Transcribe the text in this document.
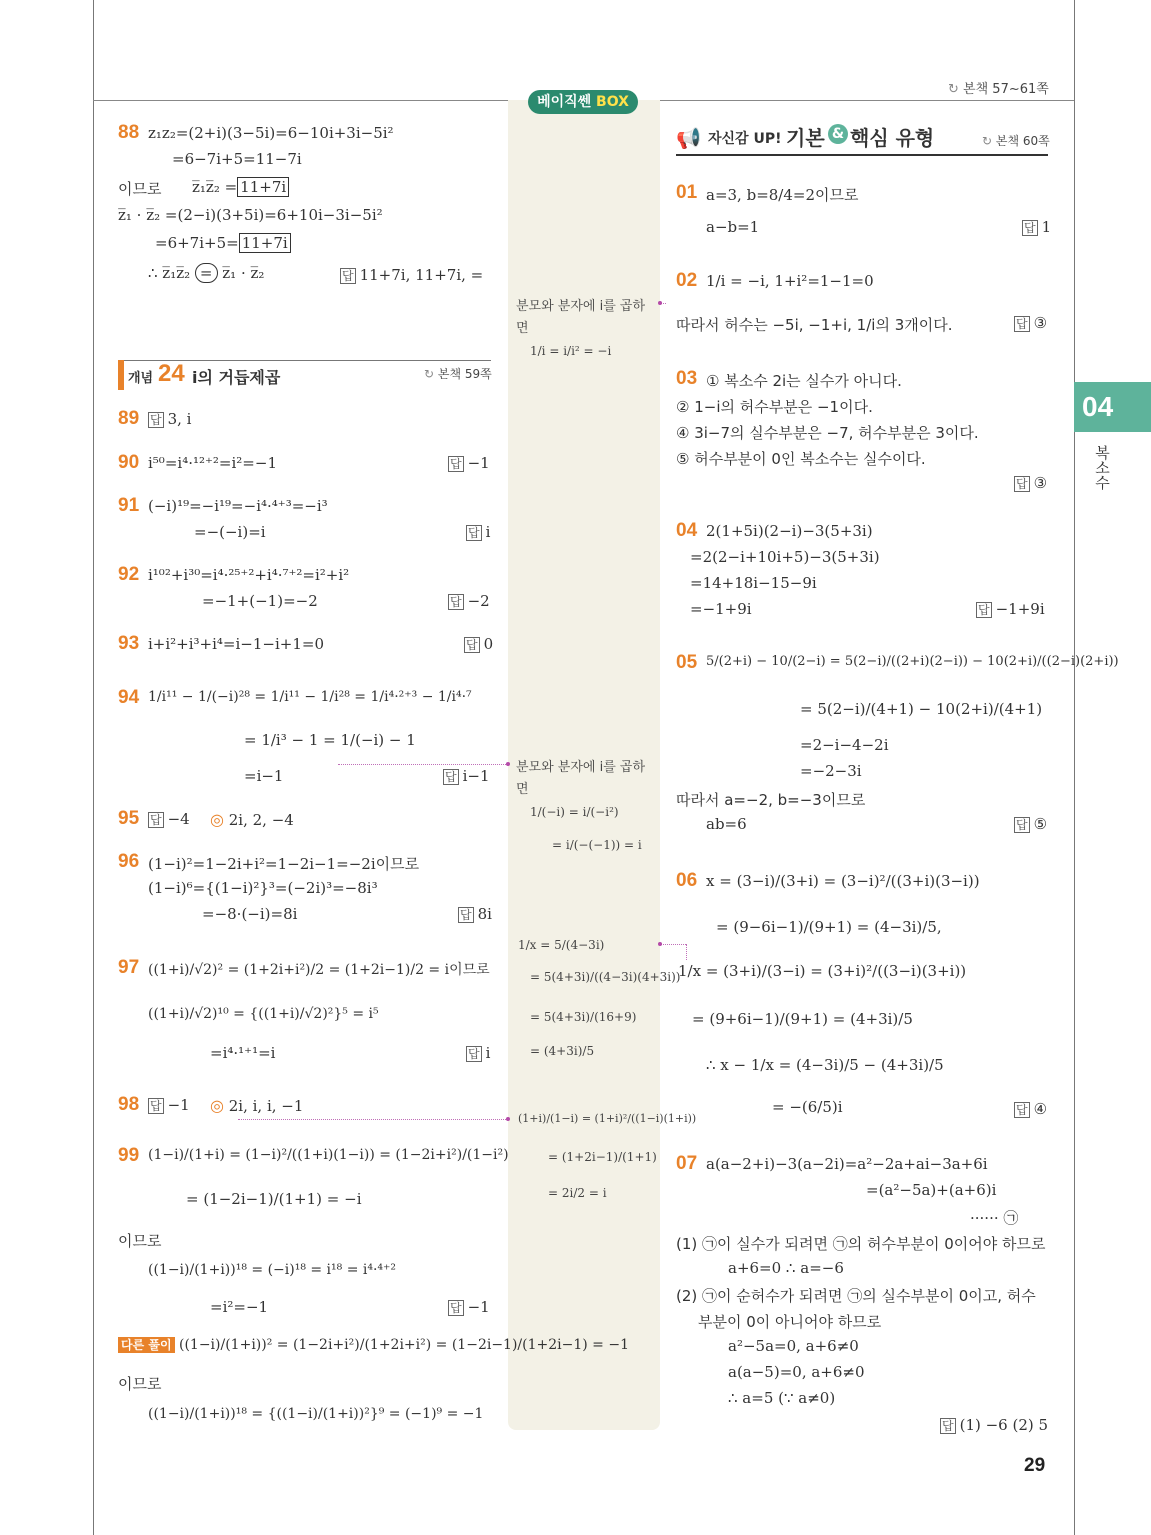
↻ 본책 57~61쪽
베이직쎈 BOX
88 z₁z₂=(2+i)(3−5i)=6−10i+3i−5i²
=6−7i+5=11−7i
이므로 z̅₁z̅₂ = 11+7i
z̅₁ · z̅₂ =(2−i)(3+5i)=6+10i−3i−5i²
=6+7i+5= 11+7i
∴ z̅₁z̅₂ = z̅₁ · z̅₂	답 11+7i, 11+7i, =
개념 24 i의 거듭제곱	↻ 본책 59쪽
89 답 3, i
90 i⁵⁰=i⁴·¹²⁺²=i²=−1	답 −1
91 (−i)¹⁹=−i¹⁹=−i⁴·⁴⁺³=−i³
=−(−i)=i	답 i
92 i¹⁰²+i³⁰=i⁴·²⁵⁺²+i⁴·⁷⁺²=i²+i²
=−1+(−1)=−2	답 −2
93 i+i²+i³+i⁴=i−1−i+1=0	답 0
94 1/i¹¹ − 1/(−i)²⁸ = 1/i¹¹ − 1/i²⁸ = 1/i⁴·²⁺³ − 1/i⁴·⁷
= 1/i³ − 1 = 1/(−i) − 1
=i−1	답 i−1
95 답 −4 ◎ 2i, 2, −4
96 (1−i)²=1−2i+i²=1−2i−1=−2i이므로
(1−i)⁶={(1−i)²}³=(−2i)³=−8i³
=−8·(−i)=8i	답 8i
97 ((1+i)/√2)² = (1+2i+i²)/2 = (1+2i−1)/2 = i이므로
((1+i)/√2)¹⁰ = {((1+i)/√2)²}⁵ = i⁵
=i⁴·¹⁺¹=i	답 i
98 답 −1 ◎ 2i, i, i, −1
99 (1−i)/(1+i) = (1−i)²/((1+i)(1−i)) = (1−2i+i²)/(1−i²)
= (1−2i−1)/(1+1) = −i
이므로
((1−i)/(1+i))¹⁸ = (−i)¹⁸ = i¹⁸ = i⁴·⁴⁺²
=i²=−1	답 −1
다른 풀이 ((1−i)/(1+i))² = (1−2i+i²)/(1+2i+i²) = (1−2i−1)/(1+2i−1) = −1
이므로
((1−i)/(1+i))¹⁸ = {((1−i)/(1+i))²}⁹ = (−1)⁹ = −1
분모와 분자에 i를 곱하
면
1/i = i/i² = −i
분모와 분자에 i를 곱하
면
1/(−i) = i/(−i²)
= i/(−(−1)) = i
1/x = 5/(4−3i)
= 5(4+3i)/((4−3i)(4+3i))
= 5(4+3i)/(16+9)
= (4+3i)/5
(1+i)/(1−i) = (1+i)²/((1−i)(1+i))
= (1+2i−1)/(1+1)
= 2i/2 = i
📢 자신감 UP! 기본 & 핵심 유형	↻ 본책 60쪽
01 a=3, b=8/4=2이므로
a−b=1	답 1
02 1/i = −i, 1+i²=1−1=0
따라서 허수는 −5i, −1+i, 1/i의 3개이다.	답 ③
03 ① 복소수 2i는 실수가 아니다.
② 1−i의 허수부분은 −1이다.
④ 3i−7의 실수부분은 −7, 허수부분은 3이다.
⑤ 허수부분이 0인 복소수는 실수이다.
답 ③
04 2(1+5i)(2−i)−3(5+3i)
=2(2−i+10i+5)−3(5+3i)
=14+18i−15−9i
=−1+9i	답 −1+9i
05 5/(2+i) − 10/(2−i) = 5(2−i)/((2+i)(2−i)) − 10(2+i)/((2−i)(2+i))
= 5(2−i)/(4+1) − 10(2+i)/(4+1)
=2−i−4−2i
=−2−3i
따라서 a=−2, b=−3이므로
ab=6	답 ⑤
06 x = (3−i)/(3+i) = (3−i)²/((3+i)(3−i))
= (9−6i−1)/(9+1) = (4−3i)/5,
1/x = (3+i)/(3−i) = (3+i)²/((3−i)(3+i))
= (9+6i−1)/(9+1) = (4+3i)/5
∴ x − 1/x = (4−3i)/5 − (4+3i)/5
= −(6/5)i	답 ④
07 a(a−2+i)−3(a−2i)=a²−2a+ai−3a+6i
=(a²−5a)+(a+6)i
······ ㉠
(1) ㉠이 실수가 되려면 ㉠의 허수부분이 0이어야 하므로
a+6=0 ∴ a=−6
(2) ㉠이 순허수가 되려면 ㉠의 실수부분이 0이고, 허수
부분이 0이 아니어야 하므로
a²−5a=0, a+6≠0
a(a−5)=0, a+6≠0
∴ a=5 (∵ a≠0)
답 (1) −6 (2) 5
04
복소수
29
